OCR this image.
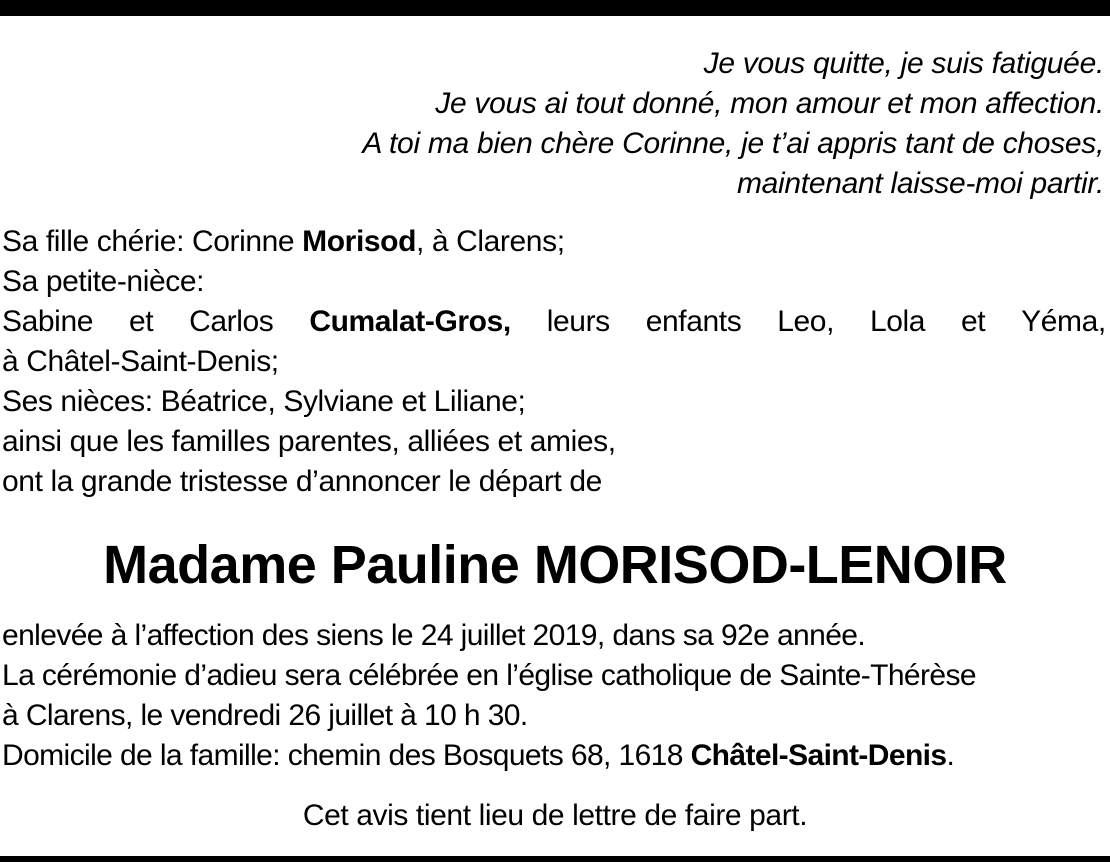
Je vous quitte, je suis fatiguée.
Je vous ai tout donné, mon amour et mon affection.
A toi ma bien chère Corinne, je t’ai appris tant de choses,
maintenant laisse-moi partir.
Sa fille chérie: Corinne Morisod, à Clarens;
Sa petite-nièce:
Sabine et Carlos Cumalat-Gros, leurs enfants Leo, Lola et Yéma,
à Châtel-Saint-Denis;
Ses nièces: Béatrice, Sylviane et Liliane;
ainsi que les familles parentes, alliées et amies,
ont la grande tristesse d’annoncer le départ de
Madame Pauline MORISOD-LENOIR
enlevée à l’affection des siens le 24 juillet 2019, dans sa 92e année.
La cérémonie d’adieu sera célébrée en l’église catholique de Sainte-Thérèse
à Clarens, le vendredi 26 juillet à 10 h 30.
Domicile de la famille: chemin des Bosquets 68, 1618 Châtel-Saint-Denis.
Cet avis tient lieu de lettre de faire part.
